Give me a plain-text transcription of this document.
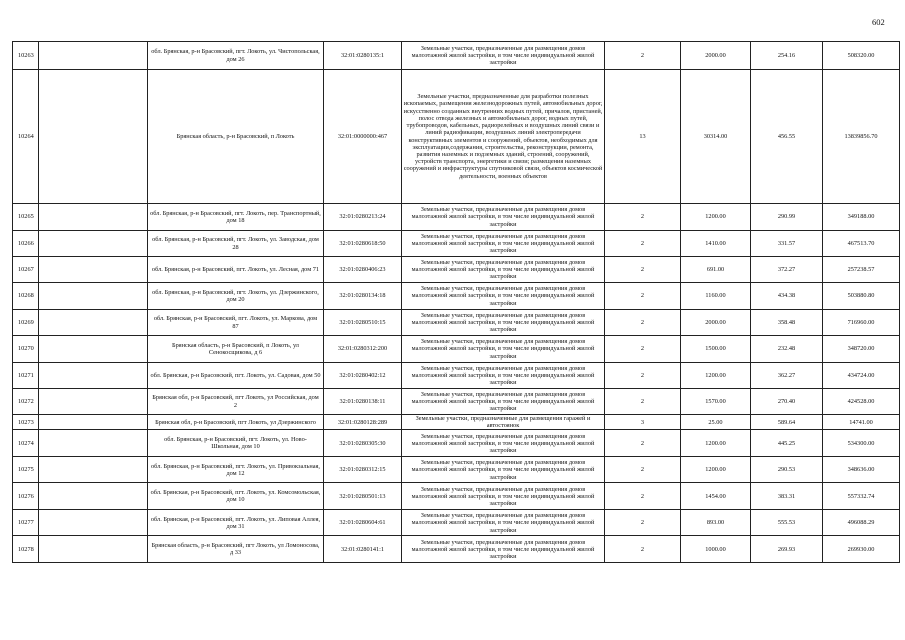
602
10263		обл. Брянская, р-н Брасовский, пгт. Локоть, ул. Чистопольская, дом 26	32:01:0280135:1	Земельные участки, предназначенные для размещения домов малоэтажной жилой застройки, в том числе индивидуальной жилой застройки	2	2000.00	254.16	508320.00
10264		Брянская область, р-н Брасовский, п Локоть	32:01:0000000:467	Земельные участки, предназначенные для разработки полезных ископаемых, размещения железнодорожных путей, автомобильных дорог, искусственно созданных внутренних водных путей, причалов, пристаней, полос отвода железных и автомобильных дорог, водных путей, трубопроводов, кабельных, радиорелейных и воздушных линий связи и линий радиофикации, воздушных линий электропередачи конструктивных элементов и сооружений, объектов, необходимых для эксплуатации,содержания, строительства, реконструкции, ремонта, развития наземных и подземных зданий, строений, сооружений, устройств транспорта, энергетики и связи; размещения наземных сооружений и инфраструктуры спутниковой связи, объектов космической деятельности, военных объектов	13	30314.00	456.55	13839856.70
10265		обл. Брянская, р-н Брасовский, пгт. Локоть, пер. Транспортный, дом 18	32:01:0280213:24	Земельные участки, предназначенные для размещения домов малоэтажной жилой застройки, в том числе индивидуальной жилой застройки	2	1200.00	290.99	349188.00
10266		обл. Брянская, р-н Брасовский, пгт. Локоть, ул. Заводская, дом 28	32:01:0280618:50	Земельные участки, предназначенные для размещения домов малоэтажной жилой застройки, в том числе индивидуальной жилой застройки	2	1410.00	331.57	467513.70
10267		обл. Брянская, р-н Брасовский, пгт. Локоть, ул. Лесная, дом 71	32:01:0280406:23	Земельные участки, предназначенные для размещения домов малоэтажной жилой застройки, в том числе индивидуальной жилой застройки	2	691.00	372.27	257238.57
10268		обл. Брянская, р-н Брасовский, пгт. Локоть, ул. Дзержинского, дом 20	32:01:0280134:18	Земельные участки, предназначенные для размещения домов малоэтажной жилой застройки, в том числе индивидуальной жилой застройки	2	1160.00	434.38	503880.80
10269		обл. Брянская, р-н Брасовский, пгт. Локоть, ул. Маркова, дом 87	32:01:0280510:15	Земельные участки, предназначенные для размещения домов малоэтажной жилой застройки, в том числе индивидуальной жилой застройки	2	2000.00	358.48	716960.00
10270		Брянская область, р-н Брасовский, п Локоть, ул Сенокосщикова, д 6	32:01:0280312:200	Земельные участки, предназначенные для размещения домов малоэтажной жилой застройки, в том числе индивидуальной жилой застройки	2	1500.00	232.48	348720.00
10271		обл. Брянская, р-н Брасовский, пгт. Локоть, ул. Садовая, дом 50	32:01:0280402:12	Земельные участки, предназначенные для размещения домов малоэтажной жилой застройки, в том числе индивидуальной жилой застройки	2	1200.00	362.27	434724.00
10272		Брянская обл, р-н Брасовский, пгт Локоть, ул Российская, дом 2	32:01:0280138:11	Земельные участки, предназначенные для размещения домов малоэтажной жилой застройки, в том числе индивидуальной жилой застройки	2	1570.00	270.40	424528.00
10273		Брянская обл, р-н Брасовский, пгт Локоть, ул Дзержинского	32:01:0280128:289	Земельные участки, предназначенные для размещения гаражей и автостоянок	3	25.00	589.64	14741.00
10274		обл. Брянская, р-н Брасовский, пгт. Локоть, ул. Ново-Школьная, дом 10	32:01:0280305:30	Земельные участки, предназначенные для размещения домов малоэтажной жилой застройки, в том числе индивидуальной жилой застройки	2	1200.00	445.25	534300.00
10275		обл. Брянская, р-н Брасовский, пгт. Локоть, ул. Привокзальная, дом 12	32:01:0280312:15	Земельные участки, предназначенные для размещения домов малоэтажной жилой застройки, в том числе индивидуальной жилой застройки	2	1200.00	290.53	348636.00
10276		обл. Брянская, р-н Брасовский, пгт. Локоть, ул. Комсомольская, дом 10	32:01:0280501:13	Земельные участки, предназначенные для размещения домов малоэтажной жилой застройки, в том числе индивидуальной жилой застройки	2	1454.00	383.31	557332.74
10277		обл. Брянская, р-н Брасовский, пгт. Локоть, ул. Липовая Аллея, дом 31	32:01:0280604:61	Земельные участки, предназначенные для размещения домов малоэтажной жилой застройки, в том числе индивидуальной жилой застройки	2	893.00	555.53	496088.29
10278		Брянская область, р-н Брасовский, пгт Локоть, ул Ломоносова, д 33	32:01:0280141:1	Земельные участки, предназначенные для размещения домов малоэтажной жилой застройки, в том числе индивидуальной жилой застройки	2	1000.00	269.93	269930.00
